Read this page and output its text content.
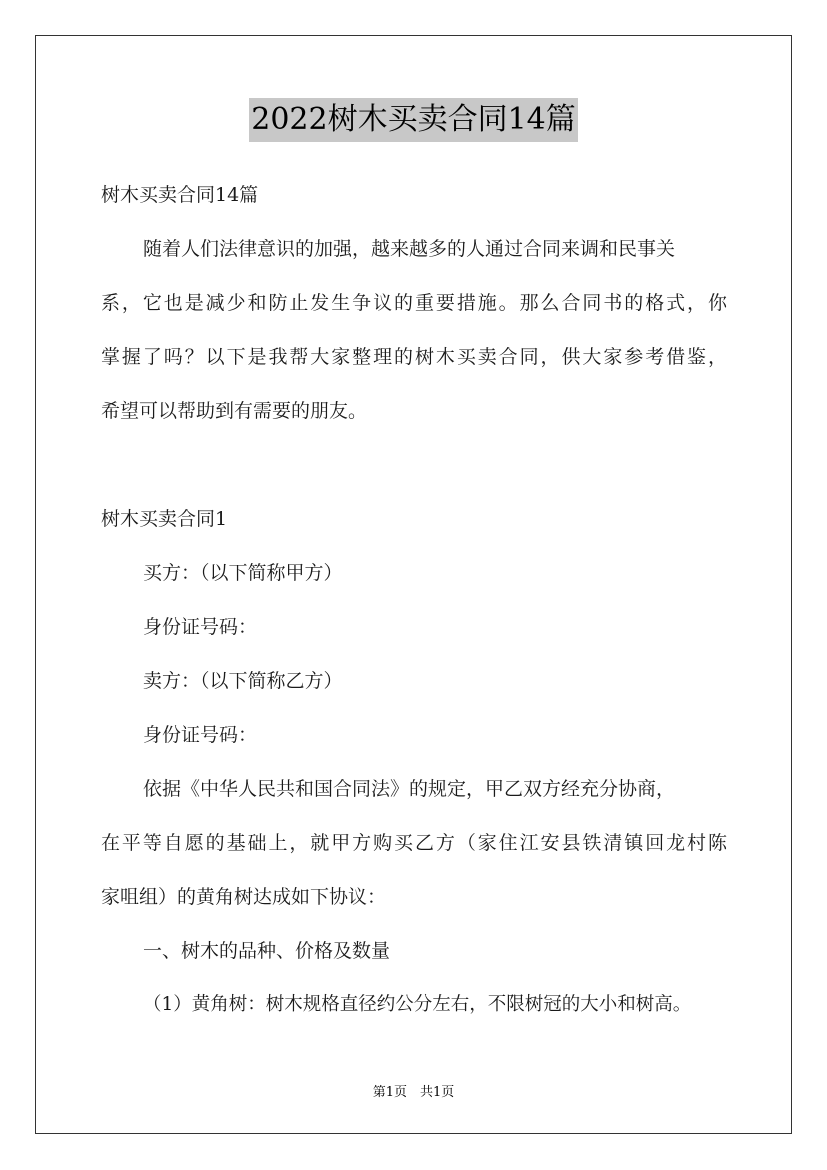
2022树木买卖合同14篇
树木买卖合同14篇
随着人们法律意识的加强，越来越多的人通过合同来调和民事关
系，它也是减少和防止发生争议的重要措施。那么合同书的格式，你
掌握了吗？以下是我帮大家整理的树木买卖合同，供大家参考借鉴，
希望可以帮助到有需要的朋友。
树木买卖合同1
买方：（以下简称甲方）
身份证号码：
卖方：（以下简称乙方）
身份证号码：
依据《中华人民共和国合同法》的规定，甲乙双方经充分协商，
在平等自愿的基础上，就甲方购买乙方（家住江安县铁清镇回龙村陈
家咀组）的黄角树达成如下协议：
一、树木的品种、价格及数量
（1）黄角树：树木规格直径约公分左右，不限树冠的大小和树高。
第1页　共1页
